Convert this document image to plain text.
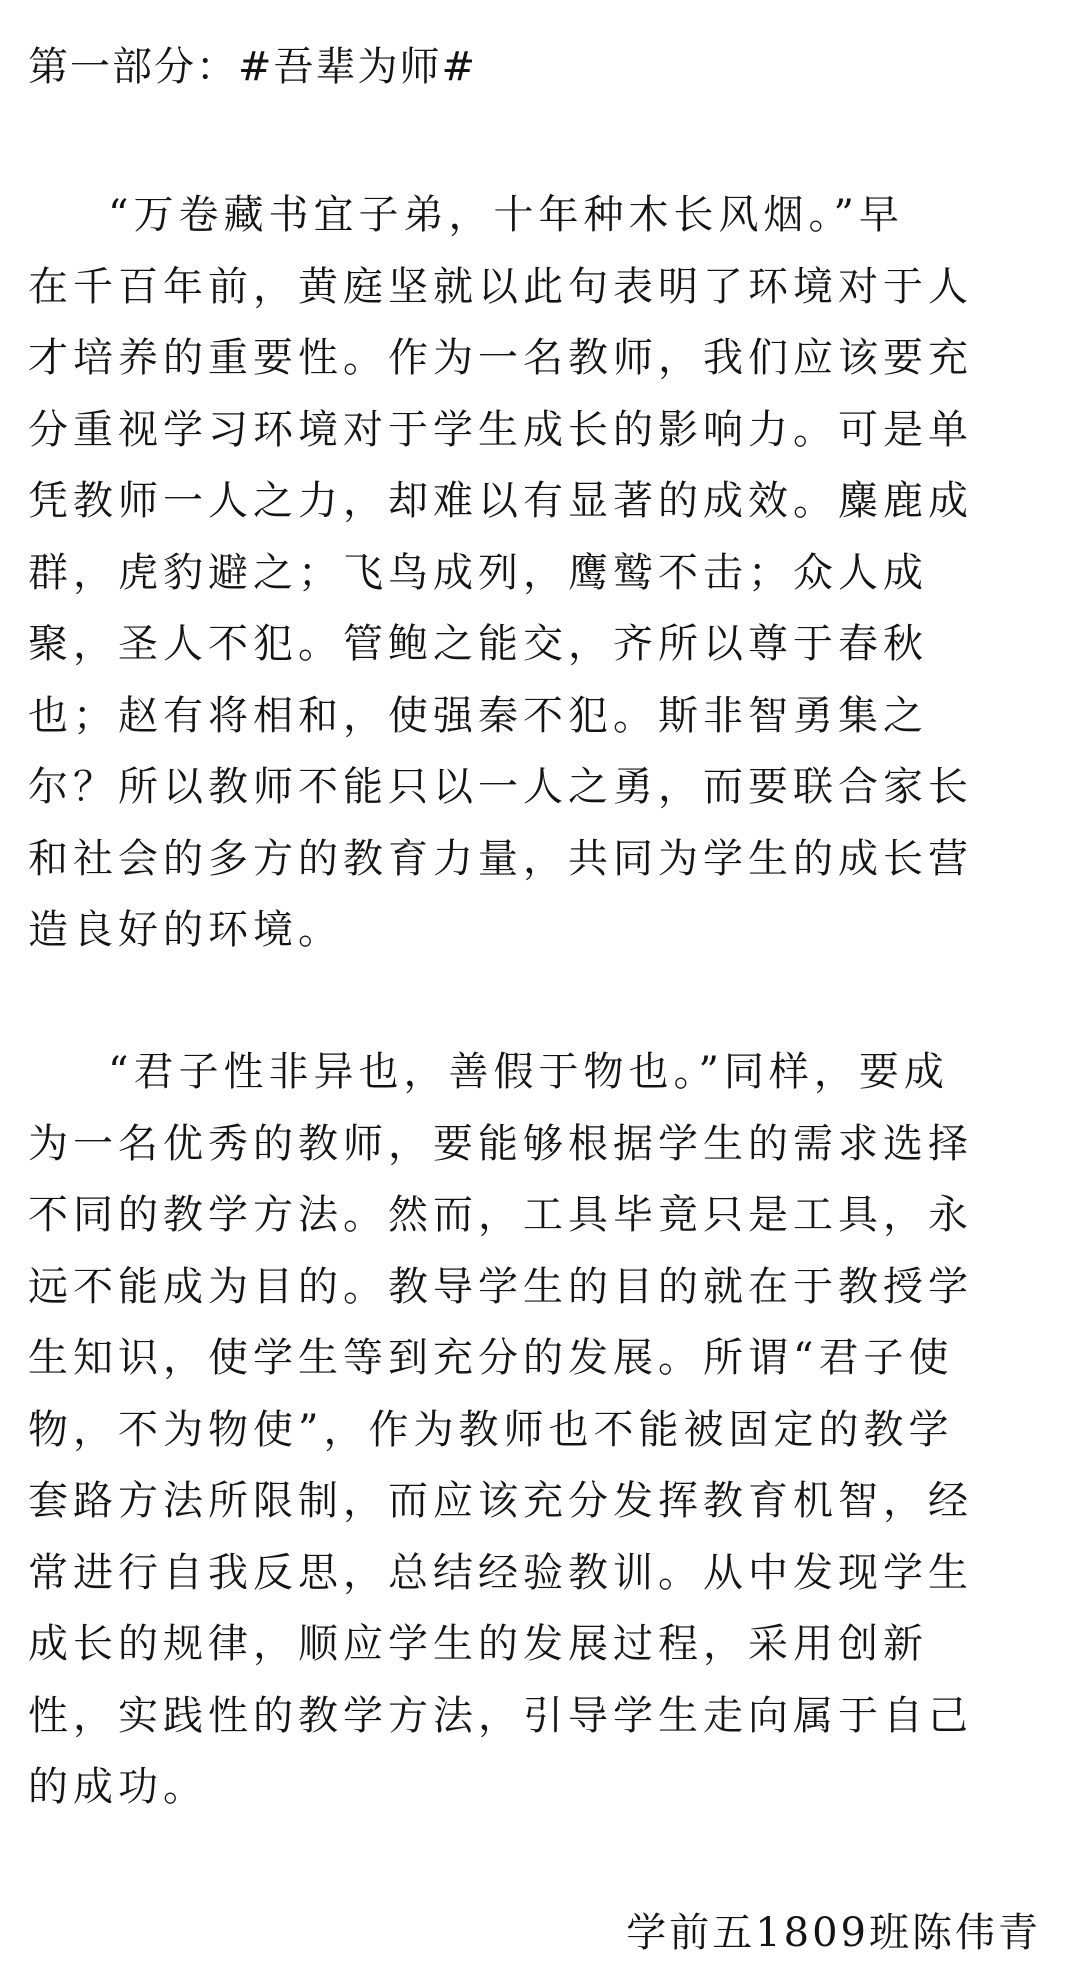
第一部分：#吾辈为师#

“万卷藏书宜子弟，十年种木长风烟。”早
在千百年前，黄庭坚就以此句表明了环境对于人
才培养的重要性。作为一名教师，我们应该要充
分重视学习环境对于学生成长的影响力。可是单
凭教师一人之力，却难以有显著的成效。麋鹿成
群，虎豹避之；飞鸟成列，鹰鹫不击；众人成
聚，圣人不犯。管鲍之能交，齐所以尊于春秋
也；赵有将相和，使强秦不犯。斯非智勇集之
尔？所以教师不能只以一人之勇，而要联合家长
和社会的多方的教育力量，共同为学生的成长营
造良好的环境。

“君子性非异也，善假于物也。”同样，要成
为一名优秀的教师，要能够根据学生的需求选择
不同的教学方法。然而，工具毕竟只是工具，永
远不能成为目的。教导学生的目的就在于教授学
生知识，使学生等到充分的发展。所谓“君子使
物，不为物使”，作为教师也不能被固定的教学
套路方法所限制，而应该充分发挥教育机智，经
常进行自我反思，总结经验教训。从中发现学生
成长的规律，顺应学生的发展过程，采用创新
性，实践性的教学方法，引导学生走向属于自己
的成功。

学前五1809班陈伟青
